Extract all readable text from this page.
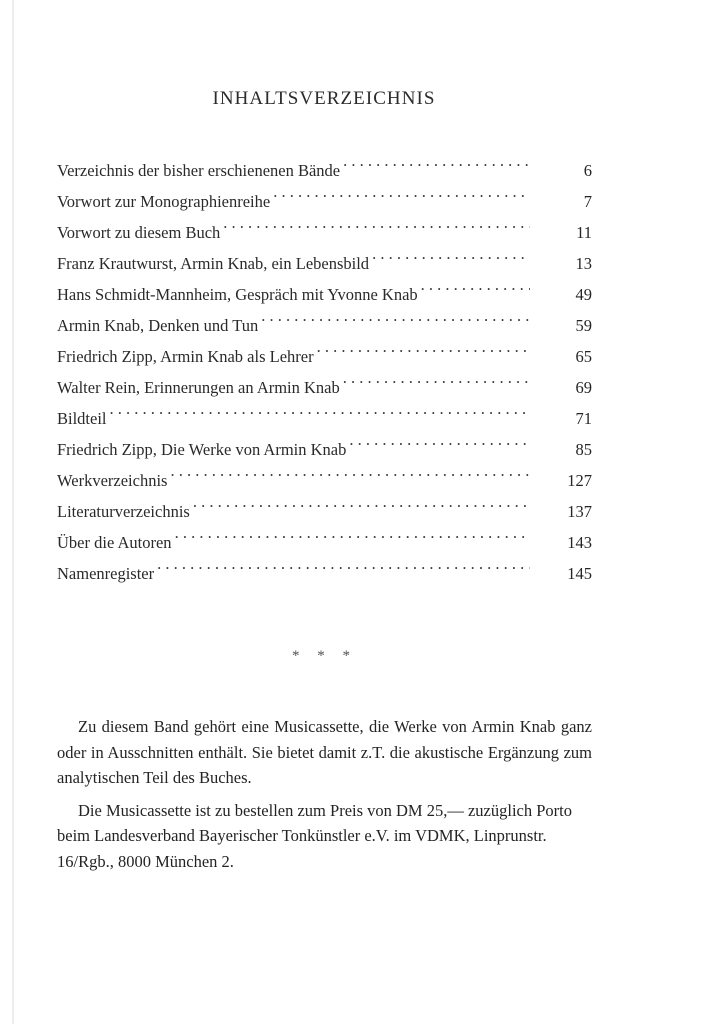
INHALTSVERZEICHNIS
Verzeichnis der bisher erschienenen Bände . . .	6
Vorwort zur Monographienreihe . . .	7
Vorwort zu diesem Buch . . .	11
Franz Krautwurst, Armin Knab, ein Lebensbild . . .	13
Hans Schmidt-Mannheim, Gespräch mit Yvonne Knab . . .	49
Armin Knab, Denken und Tun . . .	59
Friedrich Zipp, Armin Knab als Lehrer . . .	65
Walter Rein, Erinnerungen an Armin Knab . . .	69
Bildteil . . .	71
Friedrich Zipp, Die Werke von Armin Knab . . .	85
Werkverzeichnis . . .	127
Literaturverzeichnis . . .	137
Über die Autoren . . .	143
Namenregister . . .	145
* * *

Zu diesem Band gehört eine Musicassette, die Werke von Armin Knab ganz oder in Ausschnitten enthält. Sie bietet damit z.T. die akustische Ergänzung zum analytischen Teil des Buches.

Die Musicassette ist zu bestellen zum Preis von DM 25,— zuzüglich Porto beim Landesverband Bayerischer Tonkünstler e.V. im VDMK, Linprunstr. 16/Rgb., 8000 München 2.
